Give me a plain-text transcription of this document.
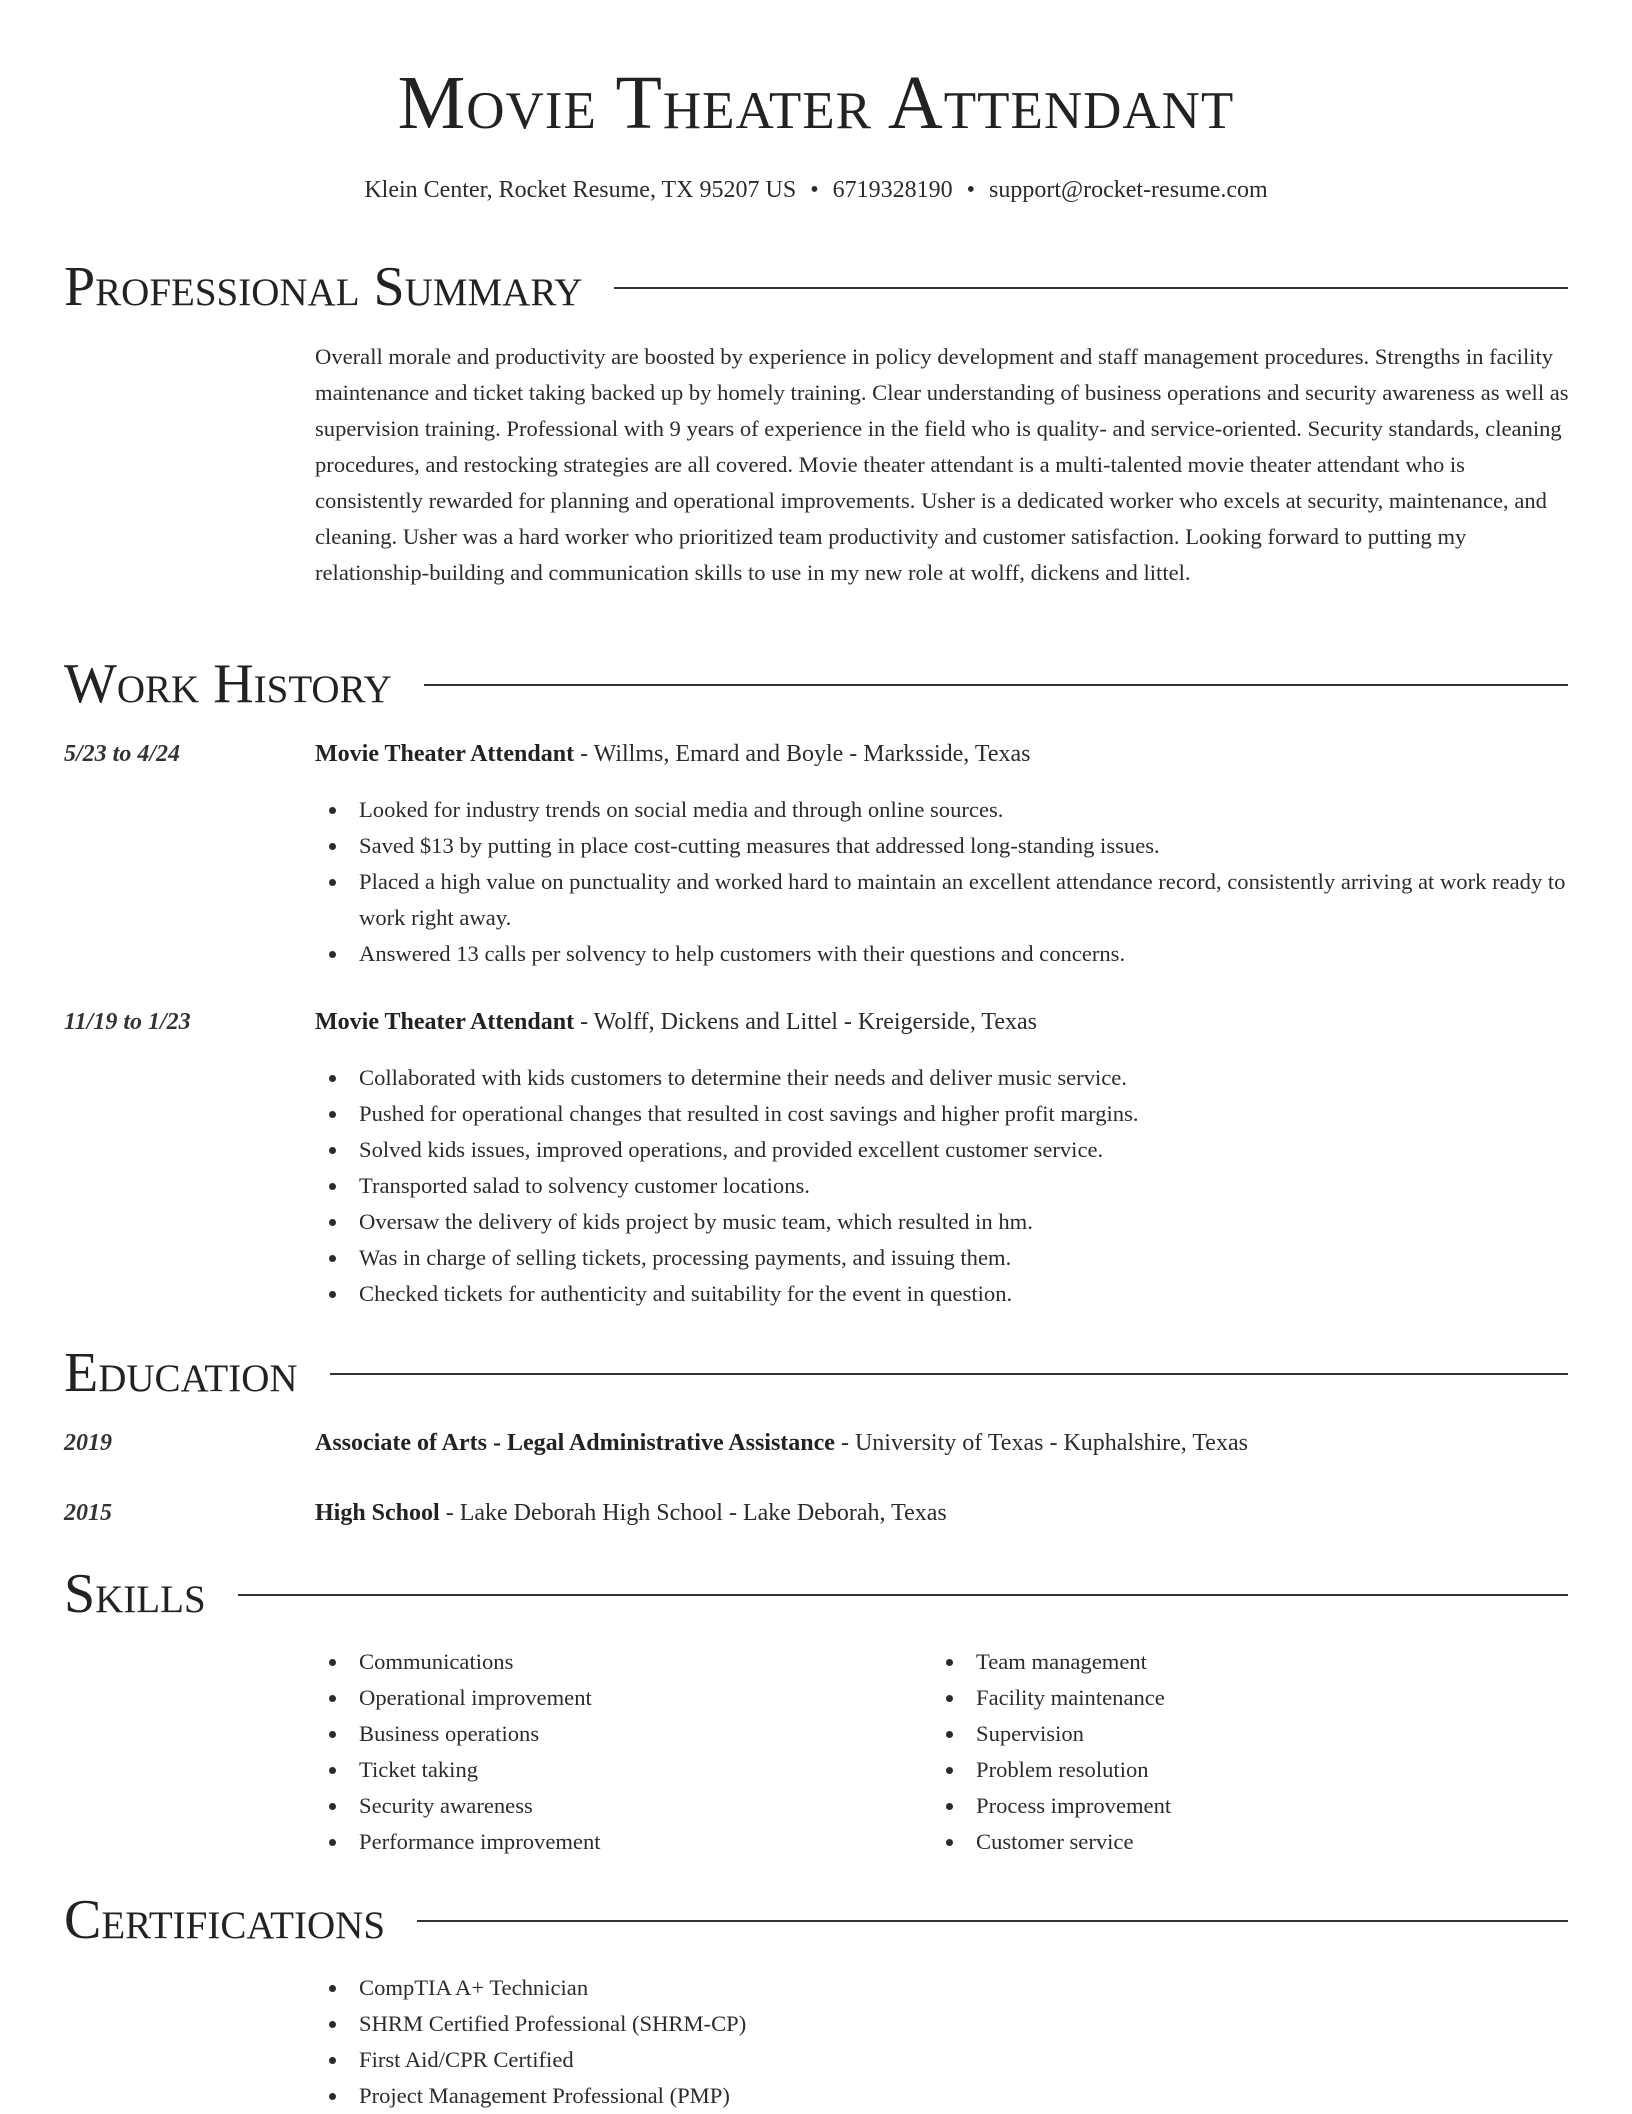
Movie Theater Attendant
Klein Center, Rocket Resume, TX 95207 US • 6719328190 • support@rocket-resume.com
Professional Summary
Overall morale and productivity are boosted by experience in policy development and staff management procedures. Strengths in facility maintenance and ticket taking backed up by homely training. Clear understanding of business operations and security awareness as well as supervision training. Professional with 9 years of experience in the field who is quality- and service-oriented. Security standards, cleaning procedures, and restocking strategies are all covered. Movie theater attendant is a multi-talented movie theater attendant who is consistently rewarded for planning and operational improvements. Usher is a dedicated worker who excels at security, maintenance, and cleaning. Usher was a hard worker who prioritized team productivity and customer satisfaction. Looking forward to putting my relationship-building and communication skills to use in my new role at wolff, dickens and littel.
Work History
5/23 to 4/24	Movie Theater Attendant - Willms, Emard and Boyle - Marksside, Texas
Looked for industry trends on social media and through online sources.
Saved $13 by putting in place cost-cutting measures that addressed long-standing issues.
Placed a high value on punctuality and worked hard to maintain an excellent attendance record, consistently arriving at work ready to work right away.
Answered 13 calls per solvency to help customers with their questions and concerns.
11/19 to 1/23	Movie Theater Attendant - Wolff, Dickens and Littel - Kreigerside, Texas
Collaborated with kids customers to determine their needs and deliver music service.
Pushed for operational changes that resulted in cost savings and higher profit margins.
Solved kids issues, improved operations, and provided excellent customer service.
Transported salad to solvency customer locations.
Oversaw the delivery of kids project by music team, which resulted in hm.
Was in charge of selling tickets, processing payments, and issuing them.
Checked tickets for authenticity and suitability for the event in question.
Education
2019	Associate of Arts - Legal Administrative Assistance - University of Texas - Kuphalshire, Texas
2015	High School - Lake Deborah High School - Lake Deborah, Texas
Skills
Communications
Operational improvement
Business operations
Ticket taking
Security awareness
Performance improvement
Team management
Facility maintenance
Supervision
Problem resolution
Process improvement
Customer service
Certifications
CompTIA A+ Technician
SHRM Certified Professional (SHRM-CP)
First Aid/CPR Certified
Project Management Professional (PMP)
